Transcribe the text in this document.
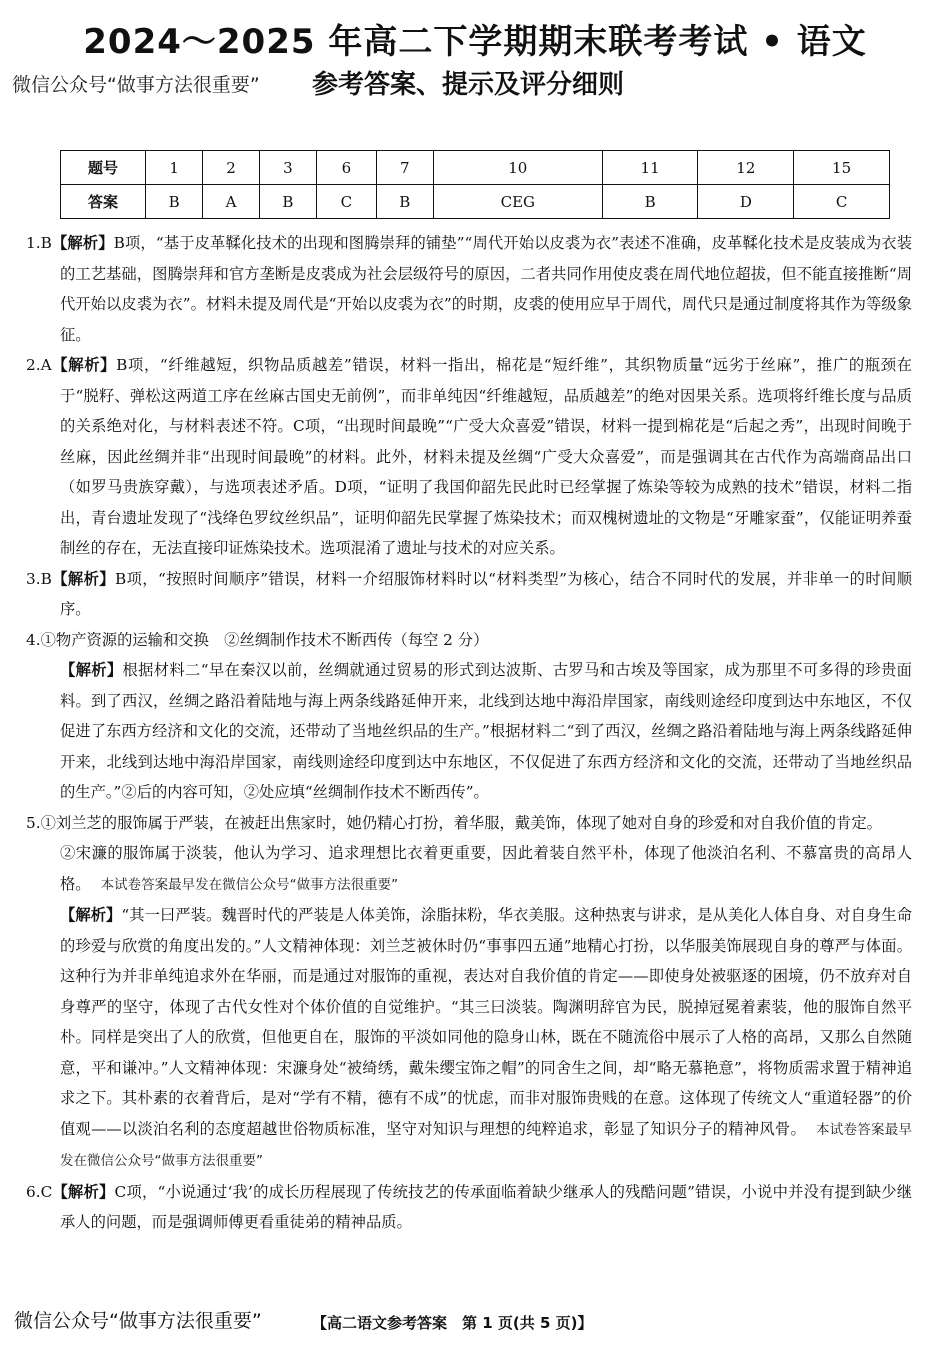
2024～2025 年高二下学期期末联考考试 • 语文
微信公众号“做事方法很重要” 参考答案、提示及评分细则
题号	1	2	3	6	7	10	11	12	15
答案	B	A	B	C	B	CEG	B	D	C

1.B【解析】B项，“基于皮革鞣化技术的出现和图腾崇拜的铺垫”“周代开始以皮裘为衣”表述不准确，皮革鞣化技术是皮装成为衣装的工艺基础，图腾崇拜和官方垄断是皮裘成为社会层级符号的原因，二者共同作用使皮裘在周代地位超拔，但不能直接推断“周代开始以皮裘为衣”。材料未提及周代是“开始以皮裘为衣”的时期，皮裘的使用应早于周代，周代只是通过制度将其作为等级象征。

2.A【解析】B项，“纤维越短，织物品质越差”错误，材料一指出，棉花是“短纤维”，其织物质量“远劣于丝麻”，推广的瓶颈在于“脱籽、弹松这两道工序在丝麻古国史无前例”，而非单纯因“纤维越短，品质越差”的绝对因果关系。选项将纤维长度与品质的关系绝对化，与材料表述不符。C项，“出现时间最晚”“广受大众喜爱”错误，材料一提到棉花是“后起之秀”，出现时间晚于丝麻，因此丝绸并非“出现时间最晚”的材料。此外，材料未提及丝绸“广受大众喜爱”，而是强调其在古代作为高端商品出口（如罗马贵族穿戴），与选项表述矛盾。D项，“证明了我国仰韶先民此时已经掌握了炼染等较为成熟的技术”错误，材料二指出，青台遗址发现了“浅绛色罗纹丝织品”，证明仰韶先民掌握了炼染技术；而双槐树遗址的文物是“牙雕家蚕”，仅能证明养蚕制丝的存在，无法直接印证炼染技术。选项混淆了遗址与技术的对应关系。

3.B【解析】B项，“按照时间顺序”错误，材料一介绍服饰材料时以“材料类型”为核心，结合不同时代的发展，并非单一的时间顺序。

4.①物产资源的运输和交换　②丝绸制作技术不断西传（每空 2 分）

【解析】根据材料二“早在秦汉以前，丝绸就通过贸易的形式到达波斯、古罗马和古埃及等国家，成为那里不可多得的珍贵面料。到了西汉，丝绸之路沿着陆地与海上两条线路延伸开来，北线到达地中海沿岸国家，南线则途经印度到达中东地区，不仅促进了东西方经济和文化的交流，还带动了当地丝织品的生产。”根据材料二“到了西汉，丝绸之路沿着陆地与海上两条线路延伸开来，北线到达地中海沿岸国家，南线则途经印度到达中东地区，不仅促进了东西方经济和文化的交流，还带动了当地丝织品的生产。”②后的内容可知，②处应填“丝绸制作技术不断西传”。

5.①刘兰芝的服饰属于严装，在被赶出焦家时，她仍精心打扮，着华服，戴美饰，体现了她对自身的珍爱和对自我价值的肯定。

②宋濂的服饰属于淡装，他认为学习、追求理想比衣着更重要，因此着装自然平朴，体现了他淡泊名利、不慕富贵的高昂人格。 本试卷答案最早发在微信公众号“做事方法很重要”

【解析】“其一曰严装。魏晋时代的严装是人体美饰，涂脂抹粉，华衣美服。这种热衷与讲求，是从美化人体自身、对自身生命的珍爱与欣赏的角度出发的。”人文精神体现：刘兰芝被休时仍“事事四五通”地精心打扮，以华服美饰展现自身的尊严与体面。这种行为并非单纯追求外在华丽，而是通过对服饰的重视，表达对自我价值的肯定——即使身处被驱逐的困境，仍不放弃对自身尊严的坚守，体现了古代女性对个体价值的自觉维护。“其三曰淡装。陶渊明辞官为民，脱掉冠冕着素装，他的服饰自然平朴。同样是突出了人的欣赏，但他更自在，服饰的平淡如同他的隐身山林，既在不随流俗中展示了人格的高昂，又那么自然随意，平和谦冲。”人文精神体现：宋濂身处“被绮绣，戴朱缨宝饰之帽”的同舍生之间，却“略无慕艳意”，将物质需求置于精神追求之下。其朴素的衣着背后，是对“学有不精，德有不成”的忧虑，而非对服饰贵贱的在意。这体现了传统文人“重道轻器”的价值观——以淡泊名利的态度超越世俗物质标准，坚守对知识与理想的纯粹追求，彰显了知识分子的精神风骨。 本试卷答案最早发在微信公众号“做事方法很重要”

6.C【解析】C项，“小说通过‘我’的成长历程展现了传统技艺的传承面临着缺少继承人的残酷问题”错误，小说中并没有提到缺少继承人的问题，而是强调师傅更看重徒弟的精神品质。

微信公众号“做事方法很重要”	【高二语文参考答案　第 1 页(共 5 页)】
